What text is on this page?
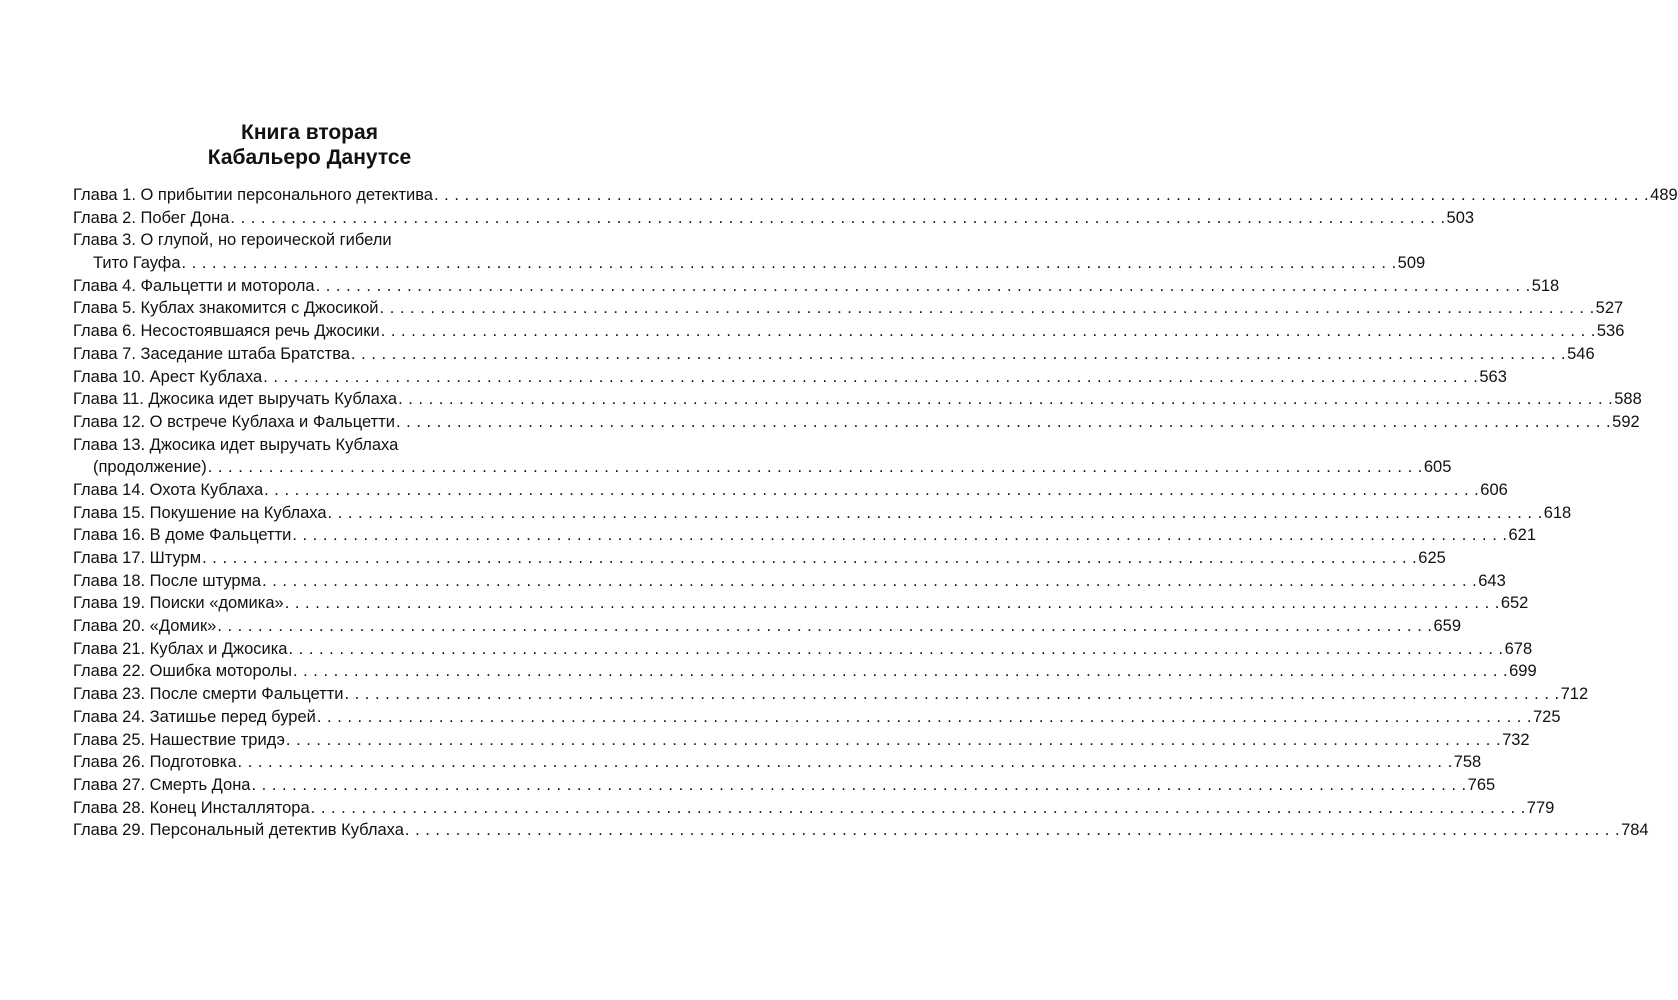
Книга вторая
Кабальеро Данутсе
Глава 1. О прибытии персонального детектива . . . . . . . . . . . . . . . . . . . . . . . . . . . . . . . . . . . . . . . . . . . . . . . . . . . . . . . . . . . . . . . . . . . . . . . . . . . . . . . . . . . . . . . . . . . . . . . . . . . . . . . . . . . . . . . . . . . . . . . . 489
Глава 2. Побег Дона . . . . . . . . . . . . . . . . . . . . . . . . . . . . . . . . . . . . . . . . . . . . . . . . . . . . . . . . . . . . . . . . . . . . . . . . . . . . . . . . . . . . . . . . . . . . . . . . . . . . . . . . . . . . . . . . . . . . . . . . 503
Глава 3. О глупой, но героической гибели
Тито Гауфа . . . . . . . . . . . . . . . . . . . . . . . . . . . . . . . . . . . . . . . . . . . . . . . . . . . . . . . . . . . . . . . . . . . . . . . . . . . . . . . . . . . . . . . . . . . . . . . . . . . . . . . . . . . . . . . . . . . . . . . . 509
Глава 4. Фальцетти и моторола . . . . . . . . . . . . . . . . . . . . . . . . . . . . . . . . . . . . . . . . . . . . . . . . . . . . . . . . . . . . . . . . . . . . . . . . . . . . . . . . . . . . . . . . . . . . . . . . . . . . . . . . . . . . . . . . . . . . . . . . 518
Глава 5. Кублах знакомится с Джосикой . . . . . . . . . . . . . . . . . . . . . . . . . . . . . . . . . . . . . . . . . . . . . . . . . . . . . . . . . . . . . . . . . . . . . . . . . . . . . . . . . . . . . . . . . . . . . . . . . . . . . . . . . . . . . . . . . . . . . . . . 527
Глава 6. Несостоявшаяся речь Джосики . . . . . . . . . . . . . . . . . . . . . . . . . . . . . . . . . . . . . . . . . . . . . . . . . . . . . . . . . . . . . . . . . . . . . . . . . . . . . . . . . . . . . . . . . . . . . . . . . . . . . . . . . . . . . . . . . . . . . . . . 536
Глава 7. Заседание штаба Братства . . . . . . . . . . . . . . . . . . . . . . . . . . . . . . . . . . . . . . . . . . . . . . . . . . . . . . . . . . . . . . . . . . . . . . . . . . . . . . . . . . . . . . . . . . . . . . . . . . . . . . . . . . . . . . . . . . . . . . . . 546
Глава 10. Арест Кублаха . . . . . . . . . . . . . . . . . . . . . . . . . . . . . . . . . . . . . . . . . . . . . . . . . . . . . . . . . . . . . . . . . . . . . . . . . . . . . . . . . . . . . . . . . . . . . . . . . . . . . . . . . . . . . . . . . . . . . . . . 563
Глава 11. Джосика идет выручать Кублаха . . . . . . . . . . . . . . . . . . . . . . . . . . . . . . . . . . . . . . . . . . . . . . . . . . . . . . . . . . . . . . . . . . . . . . . . . . . . . . . . . . . . . . . . . . . . . . . . . . . . . . . . . . . . . . . . . . . . . . . . 588
Глава 12. О встрече Кублаха и Фальцетти . . . . . . . . . . . . . . . . . . . . . . . . . . . . . . . . . . . . . . . . . . . . . . . . . . . . . . . . . . . . . . . . . . . . . . . . . . . . . . . . . . . . . . . . . . . . . . . . . . . . . . . . . . . . . . . . . . . . . . . . 592
Глава 13. Джосика идет выручать Кублаха
(продолжение) . . . . . . . . . . . . . . . . . . . . . . . . . . . . . . . . . . . . . . . . . . . . . . . . . . . . . . . . . . . . . . . . . . . . . . . . . . . . . . . . . . . . . . . . . . . . . . . . . . . . . . . . . . . . . . . . . . . . . . . . 605
Глава 14. Охота Кублаха . . . . . . . . . . . . . . . . . . . . . . . . . . . . . . . . . . . . . . . . . . . . . . . . . . . . . . . . . . . . . . . . . . . . . . . . . . . . . . . . . . . . . . . . . . . . . . . . . . . . . . . . . . . . . . . . . . . . . . . . 606
Глава 15. Покушение на Кублаха . . . . . . . . . . . . . . . . . . . . . . . . . . . . . . . . . . . . . . . . . . . . . . . . . . . . . . . . . . . . . . . . . . . . . . . . . . . . . . . . . . . . . . . . . . . . . . . . . . . . . . . . . . . . . . . . . . . . . . . . 618
Глава 16. В доме Фальцетти . . . . . . . . . . . . . . . . . . . . . . . . . . . . . . . . . . . . . . . . . . . . . . . . . . . . . . . . . . . . . . . . . . . . . . . . . . . . . . . . . . . . . . . . . . . . . . . . . . . . . . . . . . . . . . . . . . . . . . . . 621
Глава 17. Штурм . . . . . . . . . . . . . . . . . . . . . . . . . . . . . . . . . . . . . . . . . . . . . . . . . . . . . . . . . . . . . . . . . . . . . . . . . . . . . . . . . . . . . . . . . . . . . . . . . . . . . . . . . . . . . . . . . . . . . . . . 625
Глава 18. После штурма . . . . . . . . . . . . . . . . . . . . . . . . . . . . . . . . . . . . . . . . . . . . . . . . . . . . . . . . . . . . . . . . . . . . . . . . . . . . . . . . . . . . . . . . . . . . . . . . . . . . . . . . . . . . . . . . . . . . . . . . 643
Глава 19. Поиски «домика» . . . . . . . . . . . . . . . . . . . . . . . . . . . . . . . . . . . . . . . . . . . . . . . . . . . . . . . . . . . . . . . . . . . . . . . . . . . . . . . . . . . . . . . . . . . . . . . . . . . . . . . . . . . . . . . . . . . . . . . . 652
Глава 20. «Домик» . . . . . . . . . . . . . . . . . . . . . . . . . . . . . . . . . . . . . . . . . . . . . . . . . . . . . . . . . . . . . . . . . . . . . . . . . . . . . . . . . . . . . . . . . . . . . . . . . . . . . . . . . . . . . . . . . . . . . . . . 659
Глава 21. Кублах и Джосика . . . . . . . . . . . . . . . . . . . . . . . . . . . . . . . . . . . . . . . . . . . . . . . . . . . . . . . . . . . . . . . . . . . . . . . . . . . . . . . . . . . . . . . . . . . . . . . . . . . . . . . . . . . . . . . . . . . . . . . . 678
Глава 22. Ошибка моторолы . . . . . . . . . . . . . . . . . . . . . . . . . . . . . . . . . . . . . . . . . . . . . . . . . . . . . . . . . . . . . . . . . . . . . . . . . . . . . . . . . . . . . . . . . . . . . . . . . . . . . . . . . . . . . . . . . . . . . . . . 699
Глава 23. После смерти Фальцетти . . . . . . . . . . . . . . . . . . . . . . . . . . . . . . . . . . . . . . . . . . . . . . . . . . . . . . . . . . . . . . . . . . . . . . . . . . . . . . . . . . . . . . . . . . . . . . . . . . . . . . . . . . . . . . . . . . . . . . . . 712
Глава 24. Затишье перед бурей . . . . . . . . . . . . . . . . . . . . . . . . . . . . . . . . . . . . . . . . . . . . . . . . . . . . . . . . . . . . . . . . . . . . . . . . . . . . . . . . . . . . . . . . . . . . . . . . . . . . . . . . . . . . . . . . . . . . . . . . 725
Глава 25. Нашествие тридэ . . . . . . . . . . . . . . . . . . . . . . . . . . . . . . . . . . . . . . . . . . . . . . . . . . . . . . . . . . . . . . . . . . . . . . . . . . . . . . . . . . . . . . . . . . . . . . . . . . . . . . . . . . . . . . . . . . . . . . . . 732
Глава 26. Подготовка . . . . . . . . . . . . . . . . . . . . . . . . . . . . . . . . . . . . . . . . . . . . . . . . . . . . . . . . . . . . . . . . . . . . . . . . . . . . . . . . . . . . . . . . . . . . . . . . . . . . . . . . . . . . . . . . . . . . . . . . 758
Глава 27. Смерть Дона . . . . . . . . . . . . . . . . . . . . . . . . . . . . . . . . . . . . . . . . . . . . . . . . . . . . . . . . . . . . . . . . . . . . . . . . . . . . . . . . . . . . . . . . . . . . . . . . . . . . . . . . . . . . . . . . . . . . . . . . 765
Глава 28. Конец Инсталлятора . . . . . . . . . . . . . . . . . . . . . . . . . . . . . . . . . . . . . . . . . . . . . . . . . . . . . . . . . . . . . . . . . . . . . . . . . . . . . . . . . . . . . . . . . . . . . . . . . . . . . . . . . . . . . . . . . . . . . . . . 779
Глава 29. Персональный детектив Кублаха . . . . . . . . . . . . . . . . . . . . . . . . . . . . . . . . . . . . . . . . . . . . . . . . . . . . . . . . . . . . . . . . . . . . . . . . . . . . . . . . . . . . . . . . . . . . . . . . . . . . . . . . . . . . . . . . . . . . . . . . 784
